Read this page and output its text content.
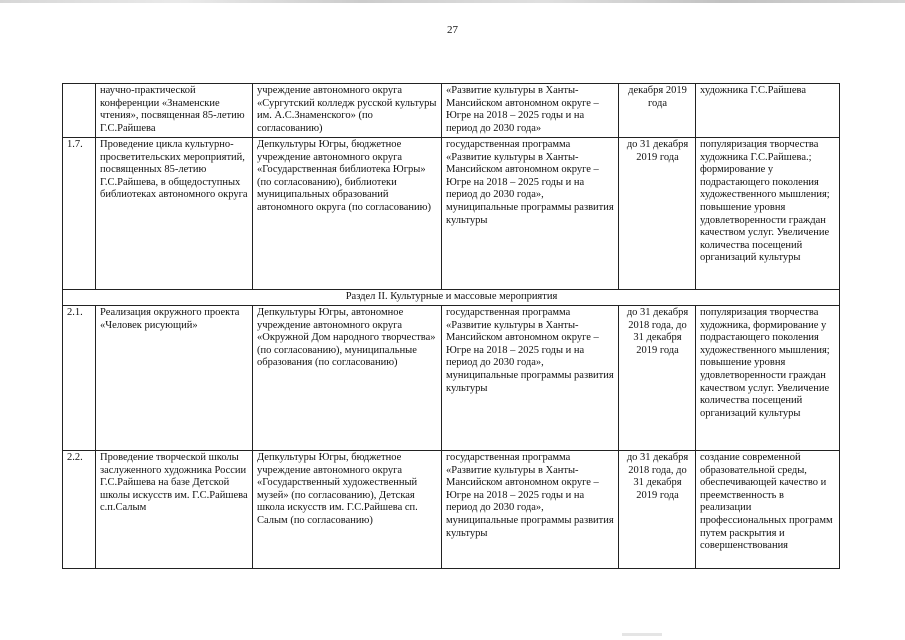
27
	научно-практической конференции «Знаменские чтения», посвященная 85-летию Г.С.Райшева	учреждение автономного округа «Сургутский колледж русской культуры им. А.С.Знаменского» (по согласованию)	«Развитие культуры в Ханты-Мансийском автономном округе – Югре на 2018 – 2025 годы и на период до 2030 года»	декабря 2019 года	художника Г.С.Райшева
1.7.	Проведение цикла культурно-просветительских мероприятий, посвященных 85-летию Г.С.Райшева, в общедоступных библиотеках автономного округа	Депкультуры Югры, бюджетное учреждение автономного округа «Государственная библиотека Югры» (по согласованию), библиотеки муниципальных образований автономного округа (по согласованию)	государственная программа «Развитие культуры в Ханты-Мансийском автономном округе – Югре на 2018 – 2025 годы и на период до 2030 года», муниципальные программы развития культуры	до 31 декабря 2019 года	популяризация творчества художника Г.С.Райшева.; формирование у подрастающего поколения художественного мышления; повышение уровня удовлетворенности граждан качеством услуг. Увеличение количества посещений организаций культуры
Раздел II. Культурные и массовые мероприятия					
2.1.	Реализация окружного проекта «Человек рисующий»	Депкультуры Югры, автономное учреждение автономного округа «Окружной Дом народного творчества» (по согласованию), муниципальные образования (по согласованию)	государственная программа «Развитие культуры в Ханты-Мансийском автономном округе – Югре на 2018 – 2025 годы и на период до 2030 года», муниципальные программы развития культуры	до 31 декабря 2018 года, до 31 декабря 2019 года	популяризация творчества художника, формирование у подрастающего поколения художественного мышления; повышение уровня удовлетворенности граждан качеством услуг. Увеличение количества посещений организаций культуры
2.2.	Проведение творческой школы заслуженного художника России Г.С.Райшева на базе Детской школы искусств им. Г.С.Райшева с.п.Салым	Депкультуры Югры, бюджетное учреждение автономного округа «Государственный художественный музей» (по согласованию), Детская школа искусств им. Г.С.Райшева сп. Салым (по согласованию)	государственная программа «Развитие культуры в Ханты-Мансийском автономном округе – Югре на 2018 – 2025 годы и на период до 2030 года», муниципальные программы развития культуры	до 31 декабря 2018 года, до 31 декабря 2019 года	создание современной образовательной среды, обеспечивающей качество и преемственность в реализации профессиональных программ путем раскрытия и совершенствования
